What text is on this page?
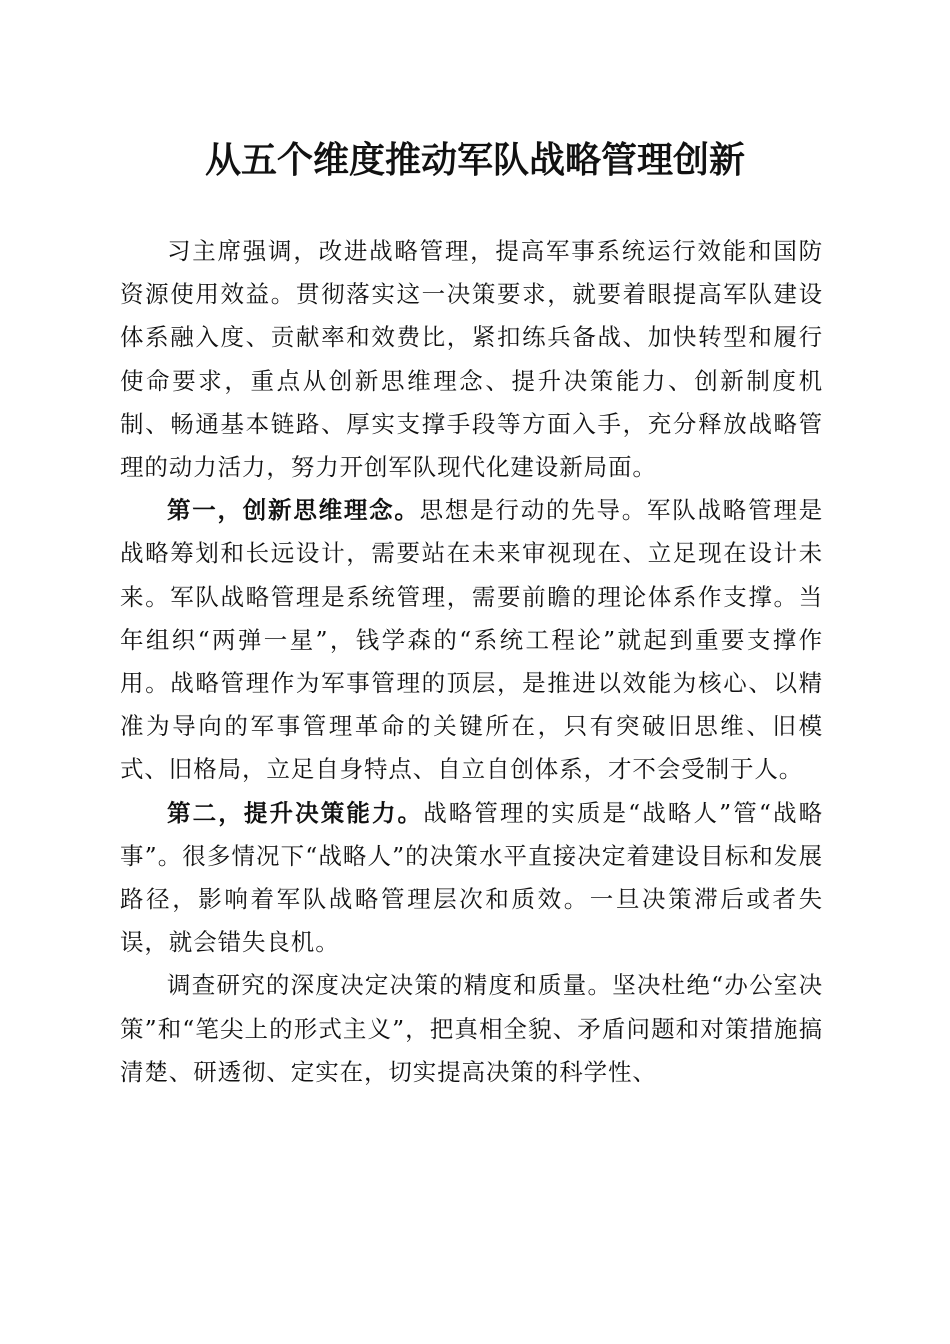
从五个维度推动军队战略管理创新

习主席强调，改进战略管理，提高军事系统运行效能和国防资源使用效益。贯彻落实这一决策要求，就要着眼提高军队建设体系融入度、贡献率和效费比，紧扣练兵备战、加快转型和履行使命要求，重点从创新思维理念、提升决策能力、创新制度机制、畅通基本链路、厚实支撑手段等方面入手，充分释放战略管理的动力活力，努力开创军队现代化建设新局面。

第一，创新思维理念。思想是行动的先导。军队战略管理是战略筹划和长远设计，需要站在未来审视现在、立足现在设计未来。军队战略管理是系统管理，需要前瞻的理论体系作支撑。当年组织“两弹一星”，钱学森的“系统工程论”就起到重要支撑作用。战略管理作为军事管理的顶层，是推进以效能为核心、以精准为导向的军事管理革命的关键所在，只有突破旧思维、旧模式、旧格局，立足自身特点、自立自创体系，才不会受制于人。

第二，提升决策能力。战略管理的实质是“战略人”管“战略事”。很多情况下“战略人”的决策水平直接决定着建设目标和发展路径，影响着军队战略管理层次和质效。一旦决策滞后或者失误，就会错失良机。

调查研究的深度决定决策的精度和质量。坚决杜绝“办公室决策”和“笔尖上的形式主义”，把真相全貌、矛盾问题和对策措施搞清楚、研透彻、定实在，切实提高决策的科学性、
